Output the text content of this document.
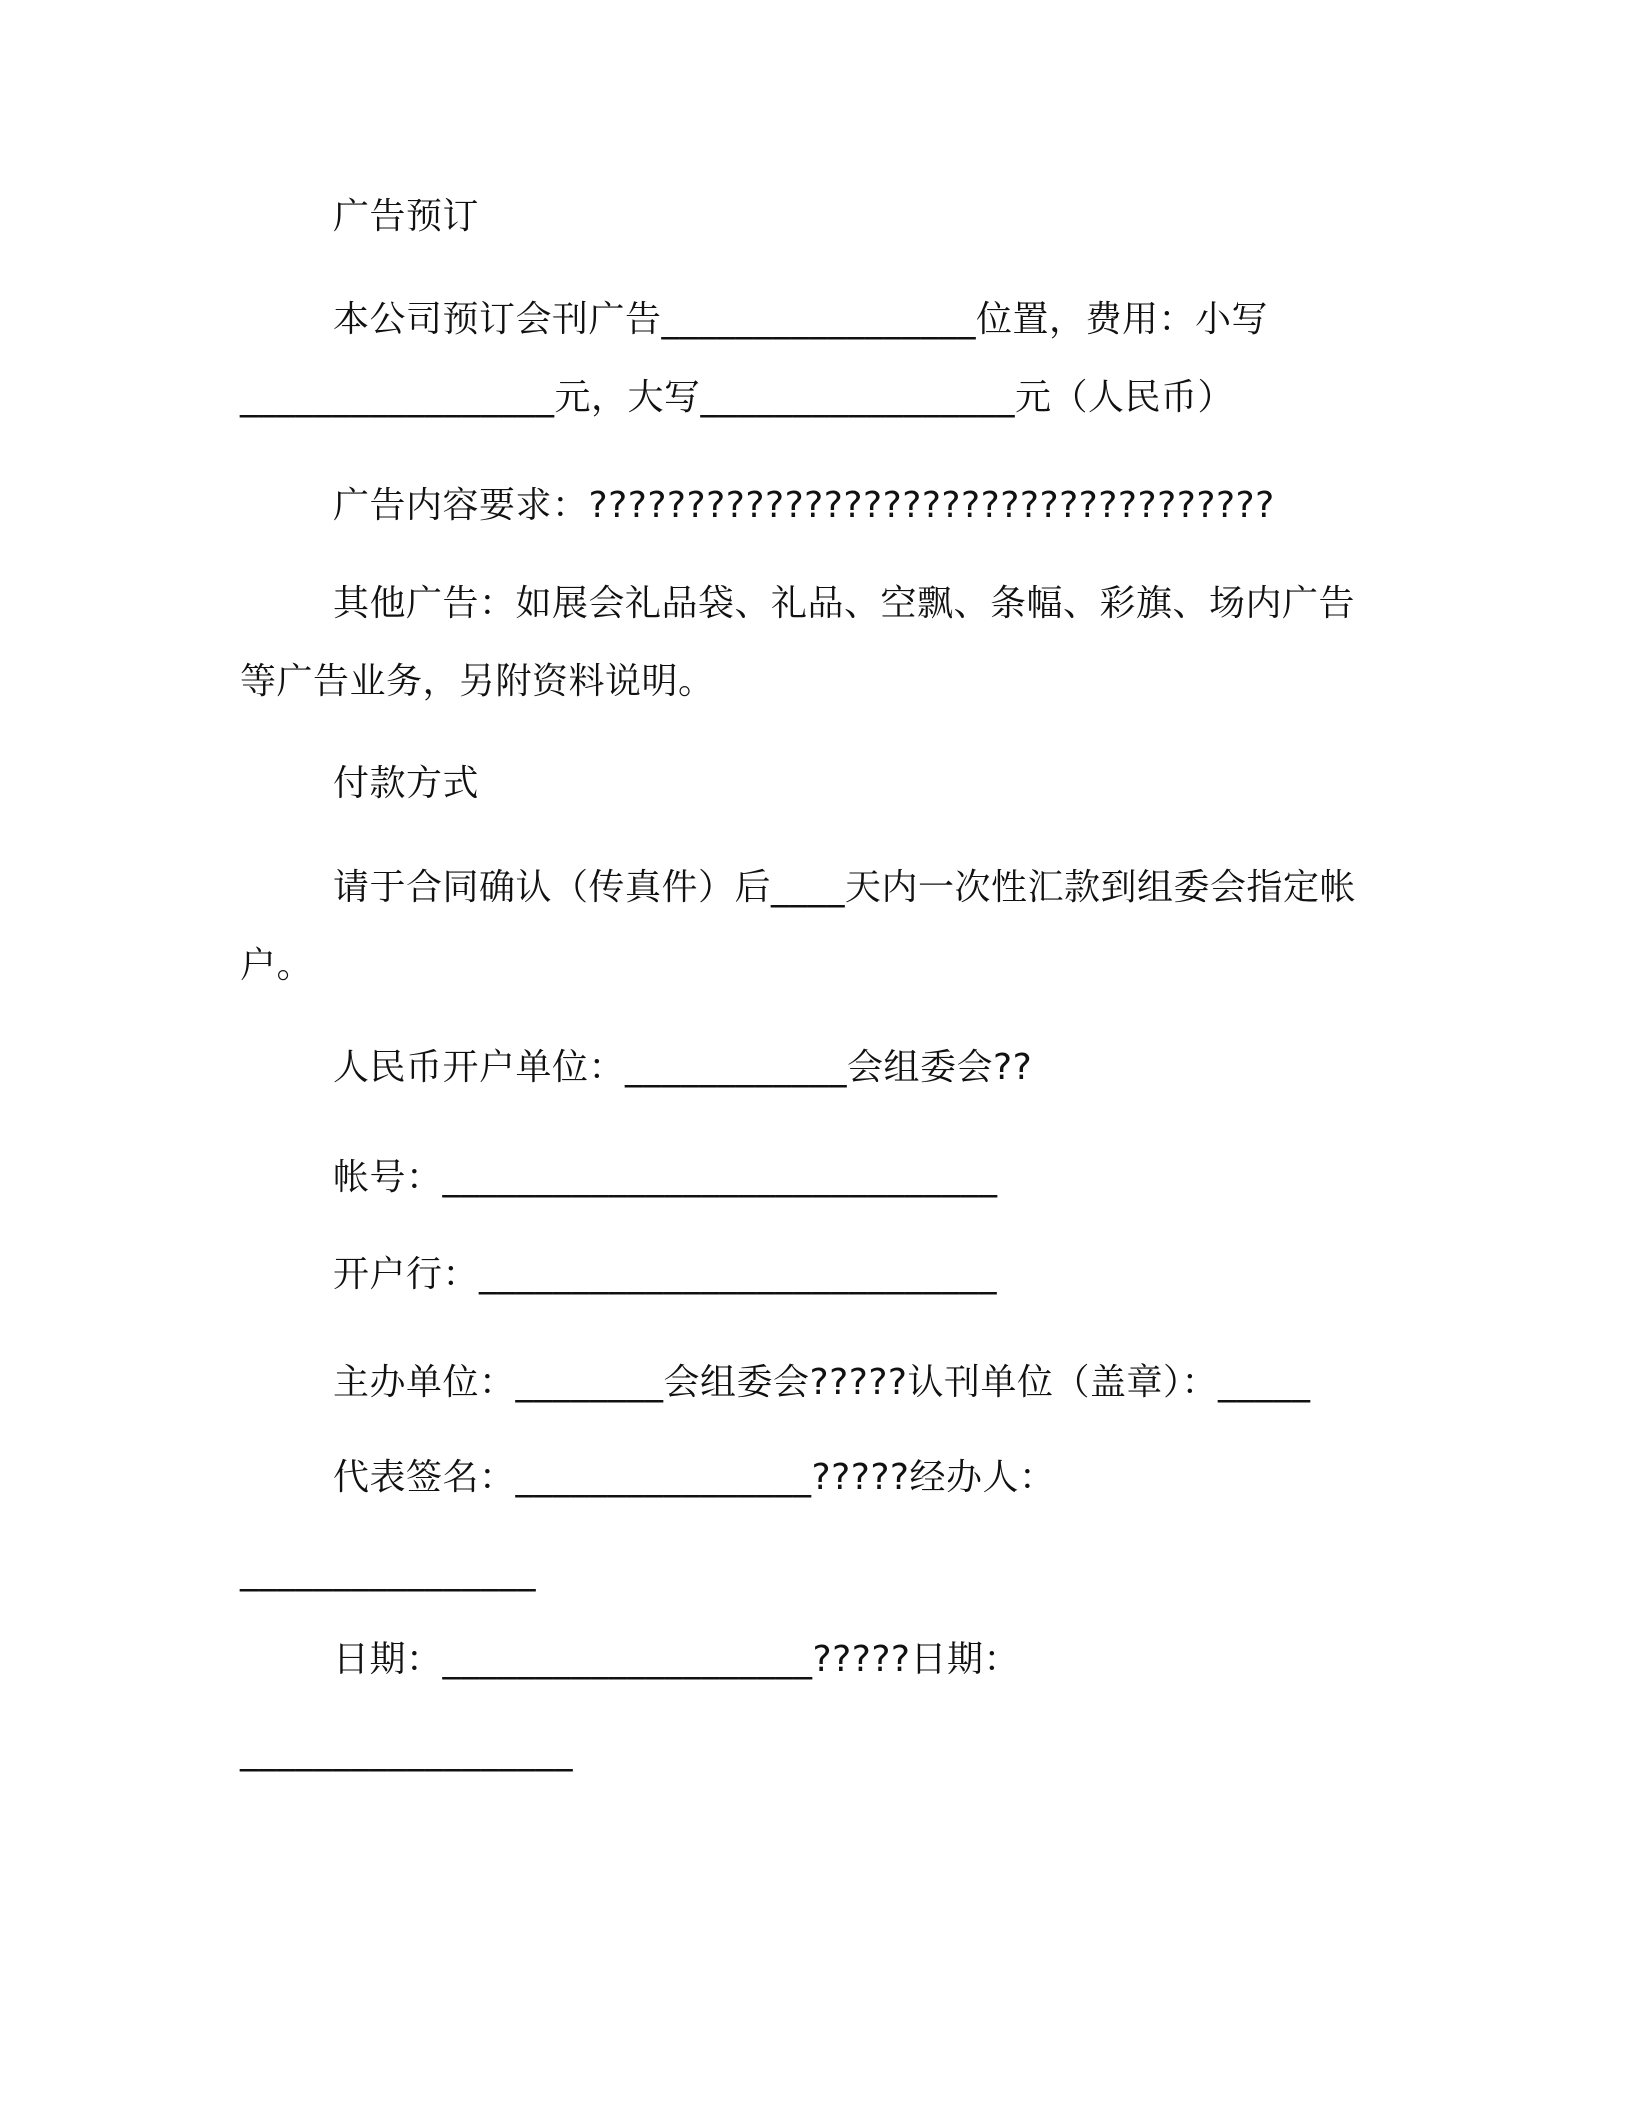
广告预订
本公司预订会刊广告_________________位置，费用：小写
_________________元，大写_________________元（人民币）
广告内容要求：???????????????????????????????????
其他广告：如展会礼品袋、礼品、空飘、条幅、彩旗、场内广告
等广告业务，另附资料说明。
付款方式
请于合同确认（传真件）后____天内一次性汇款到组委会指定帐
户。
人民币开户单位：____________会组委会??
帐号：______________________________
开户行：____________________________
主办单位：________会组委会?????认刊单位（盖章）：_____
代表签名：________________?????经办人：
________________
日期：____________________?????日期：
__________________
